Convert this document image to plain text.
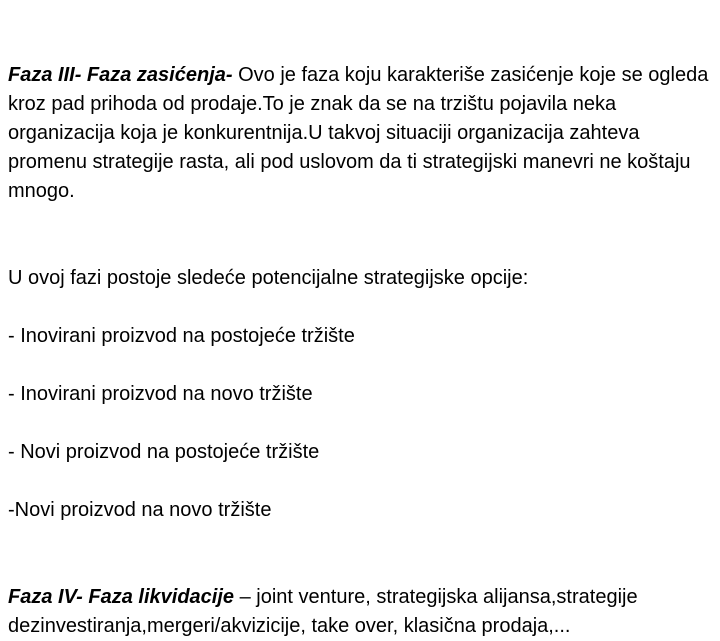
Faza III- Faza zasićenja- Ovo je faza koju karakteriše zasićenje koje se ogleda kroz pad prihoda od prodaje.To je znak da se na trzištu pojavila neka organizacija koja je konkurentnija.U takvoj situaciji organizacija zahteva promenu strategije rasta, ali pod uslovom da ti strategijski manevri ne koštaju mnogo.

U ovoj fazi postoje sledeće potencijalne strategijske opcije:

- Inovirani proizvod na postojeće tržište

- Inovirani proizvod na novo tržište

- Novi proizvod na postojeće tržište

-Novi proizvod na novo tržište

Faza IV- Faza likvidacije – joint venture, strategijska alijansa,strategije dezinvestiranja,mergeri/akvizicije, take over, klasična prodaja,...
